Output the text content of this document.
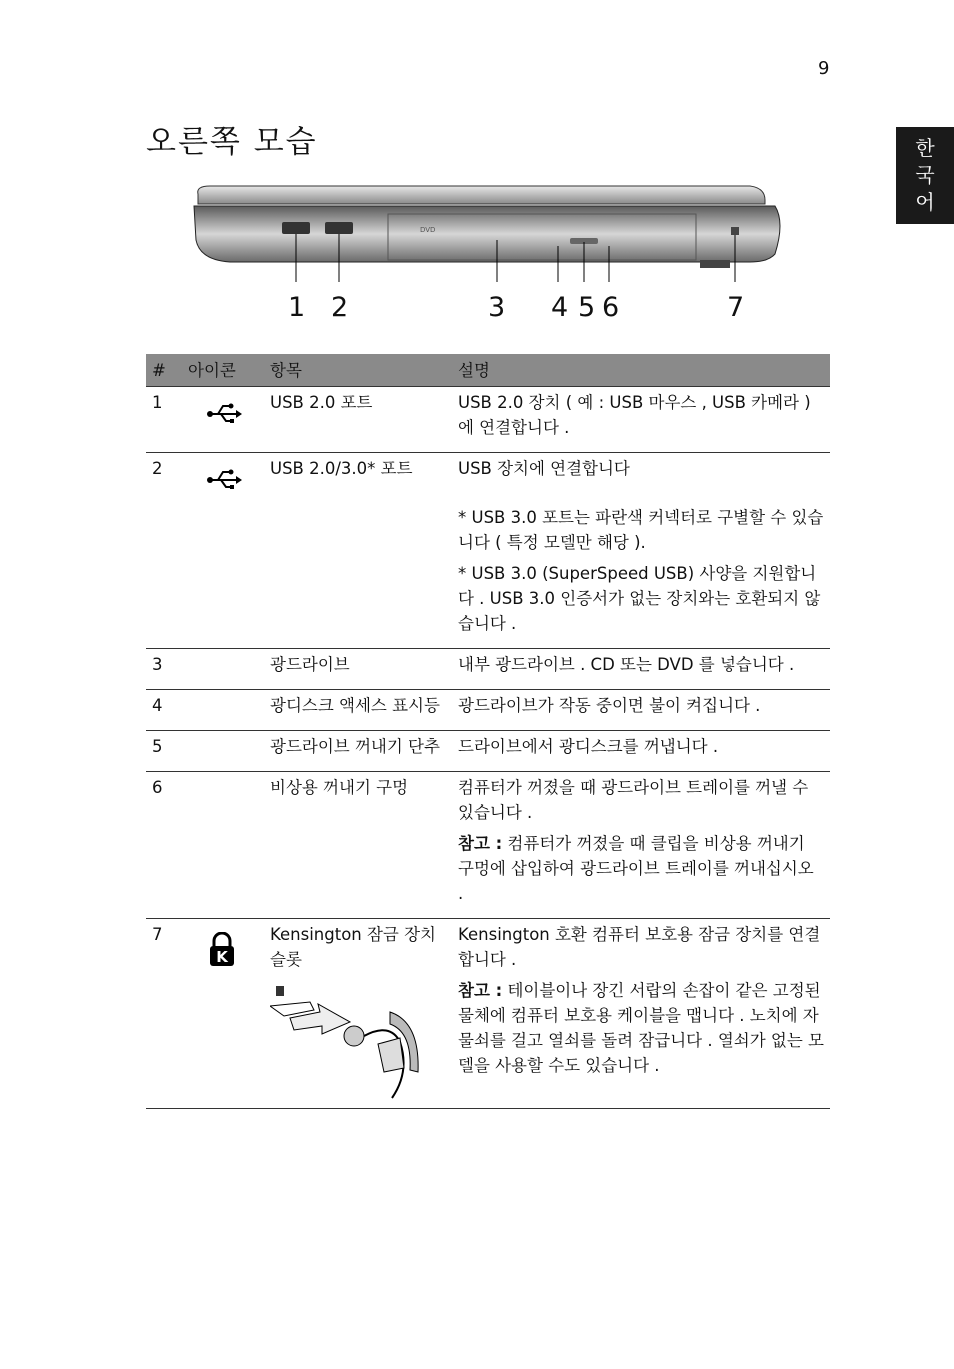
9
한
국
어
오른쪽 모습
DVD
1 2	3 4 5 6	7
#	아이콘	항목	설명
1		USB 2.0 포트	USB 2.0 장치 ( 예 : USB 마우스 , USB 카메라 ) 에 연결합니다 .

2		USB 2.0/3.0* 포트	USB 장치에 연결합니다

* USB 3.0 포트는 파란색 커넥터로 구별할 수 있습니다 ( 특정 모델만 해당 ).

* USB 3.0 (SuperSpeed USB) 사양을 지원합니다 . USB 3.0 인증서가 없는 장치와는 호환되지 않습니다 .

3		광드라이브	내부 광드라이브 . CD 또는 DVD 를 넣습니다 .

4		광디스크 액세스 표시등	광드라이브가 작동 중이면 불이 켜집니다 .

5		광드라이브 꺼내기 단추	드라이브에서 광디스크를 꺼냅니다 .

6		비상용 꺼내기 구멍	컴퓨터가 꺼졌을 때 광드라이브 트레이를 꺼낼 수 있습니다 .

참고 : 컴퓨터가 꺼졌을 때 클립을 비상용 꺼내기 구멍에 삽입하여 광드라이브 트레이를 꺼내십시오 .

7	K	Kensington 잠금 장치 슬롯	Kensington 호환 컴퓨터 보호용 잠금 장치를 연결합니다 .

참고 : 테이블이나 장긴 서랍의 손잡이 같은 고정된 물체에 컴퓨터 보호용 케이블을 맵니다 . 노치에 자물쇠를 걸고 열쇠를 돌려 잠급니다 . 열쇠가 없는 모델을 사용할 수도 있습니다 .
